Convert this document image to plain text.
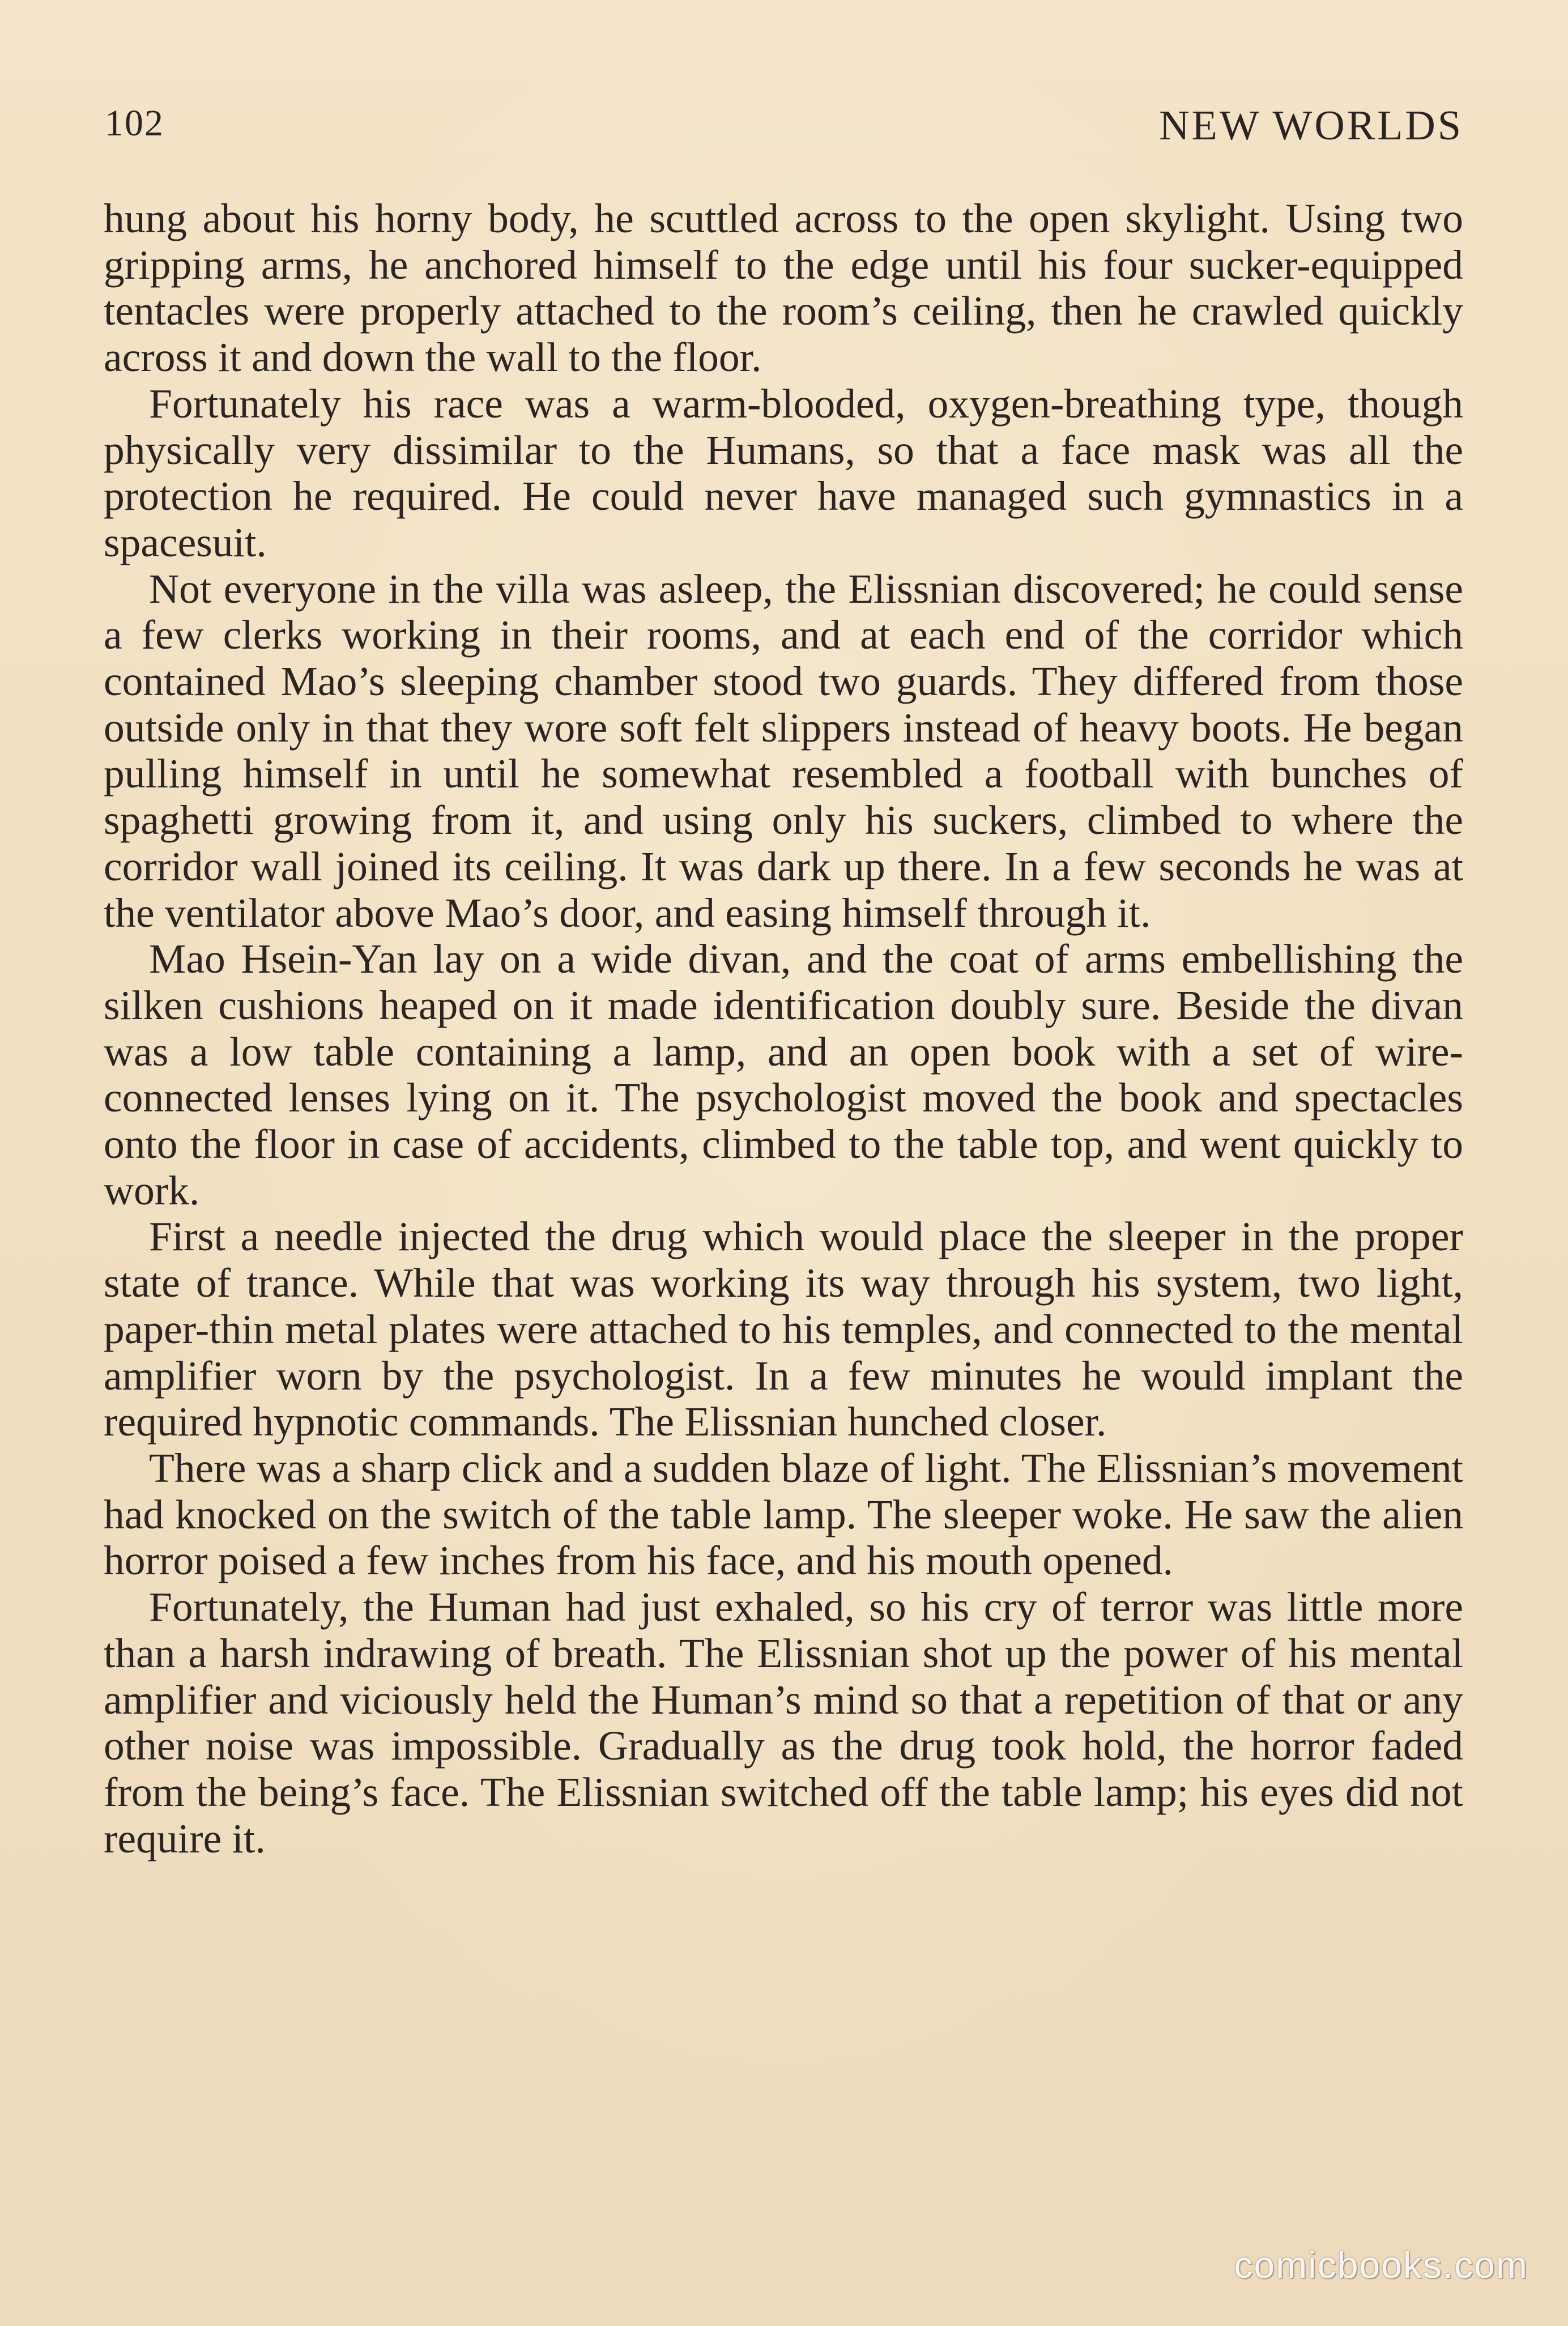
102	NEW WORLDS

hung about his horny body, he scuttled across to the open skylight. Using two gripping arms, he anchored himself to the edge until his four sucker-equipped tentacles were properly attached to the room’s ceiling, then he crawled quickly across it and down the wall to the floor.

Fortunately his race was a warm-blooded, oxygen-breathing type, though physically very dissimilar to the Humans, so that a face mask was all the protection he required. He could never have managed such gymnastics in a spacesuit.

Not everyone in the villa was asleep, the Elissnian discovered; he could sense a few clerks working in their rooms, and at each end of the corridor which contained Mao’s sleeping chamber stood two guards. They differed from those outside only in that they wore soft felt slippers instead of heavy boots. He began pulling himself in until he somewhat resembled a football with bunches of spaghetti growing from it, and using only his suckers, climbed to where the corridor wall joined its ceiling. It was dark up there. In a few seconds he was at the ventilator above Mao’s door, and easing himself through it.

Mao Hsein-Yan lay on a wide divan, and the coat of arms embellishing the silken cushions heaped on it made identification doubly sure. Beside the divan was a low table containing a lamp, and an open book with a set of wire-connected lenses lying on it. The psychologist moved the book and spectacles onto the floor in case of accidents, climbed to the table top, and went quickly to work.

First a needle injected the drug which would place the sleeper in the proper state of trance. While that was working its way through his system, two light, paper-thin metal plates were attached to his temples, and connected to the mental amplifier worn by the psychologist. In a few minutes he would implant the required hypnotic commands. The Elissnian hunched closer.

There was a sharp click and a sudden blaze of light. The Elissnian’s movement had knocked on the switch of the table lamp. The sleeper woke. He saw the alien horror poised a few inches from his face, and his mouth opened.

Fortunately, the Human had just exhaled, so his cry of terror was little more than a harsh indrawing of breath. The Elissnian shot up the power of his mental amplifier and viciously held the Human’s mind so that a repetition of that or any other noise was impossible. Gradually as the drug took hold, the horror faded from the being’s face. The Elissnian switched off the table lamp; his eyes did not require it.

comicbooks.com
